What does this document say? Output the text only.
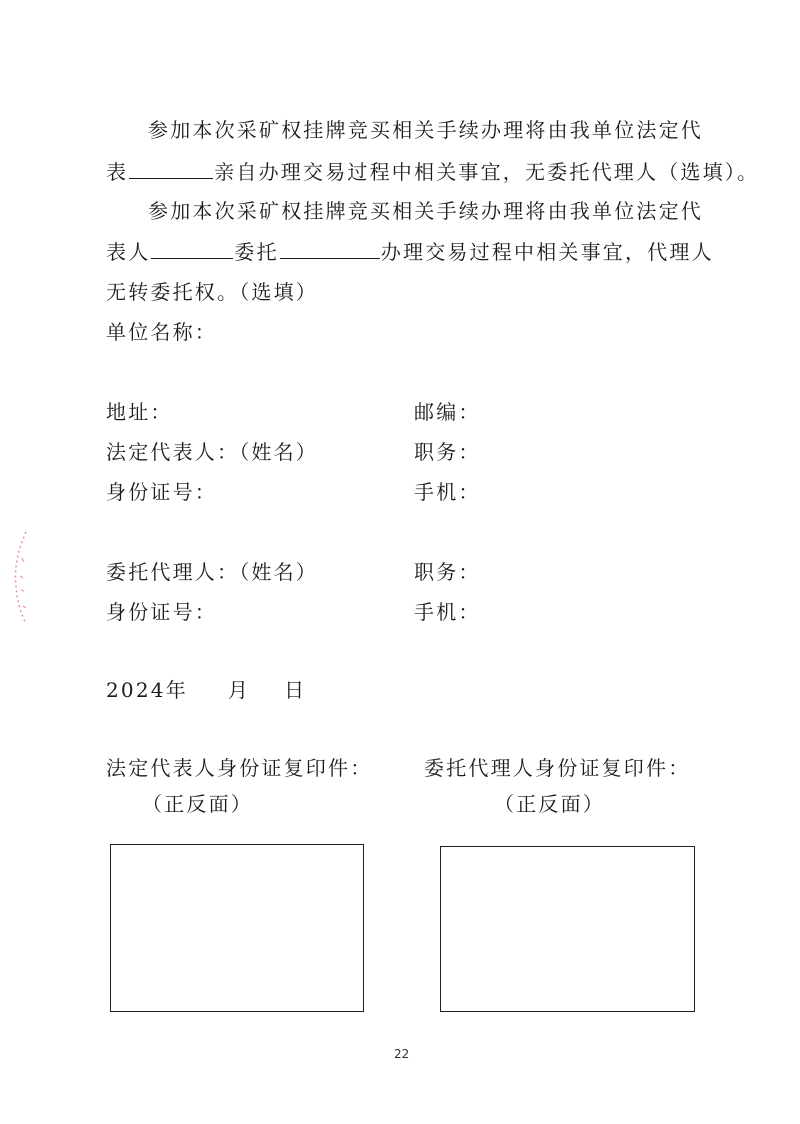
参加本次采矿权挂牌竞买相关手续办理将由我单位法定代
表	亲自办理交易过程中相关事宜，无委托代理人（选填）。
参加本次采矿权挂牌竞买相关手续办理将由我单位法定代
表人	委托	办理交易过程中相关事宜，代理人
无转委托权。（选填）
单位名称：
地址：	邮编：
法定代表人：（姓名）	职务：
身份证号：	手机：
委托代理人：（姓名）	职务：
身份证号：	手机：
2024年 月 日
法定代表人身份证复印件：
（正反面）
委托代理人身份证复印件：
（正反面）
22
